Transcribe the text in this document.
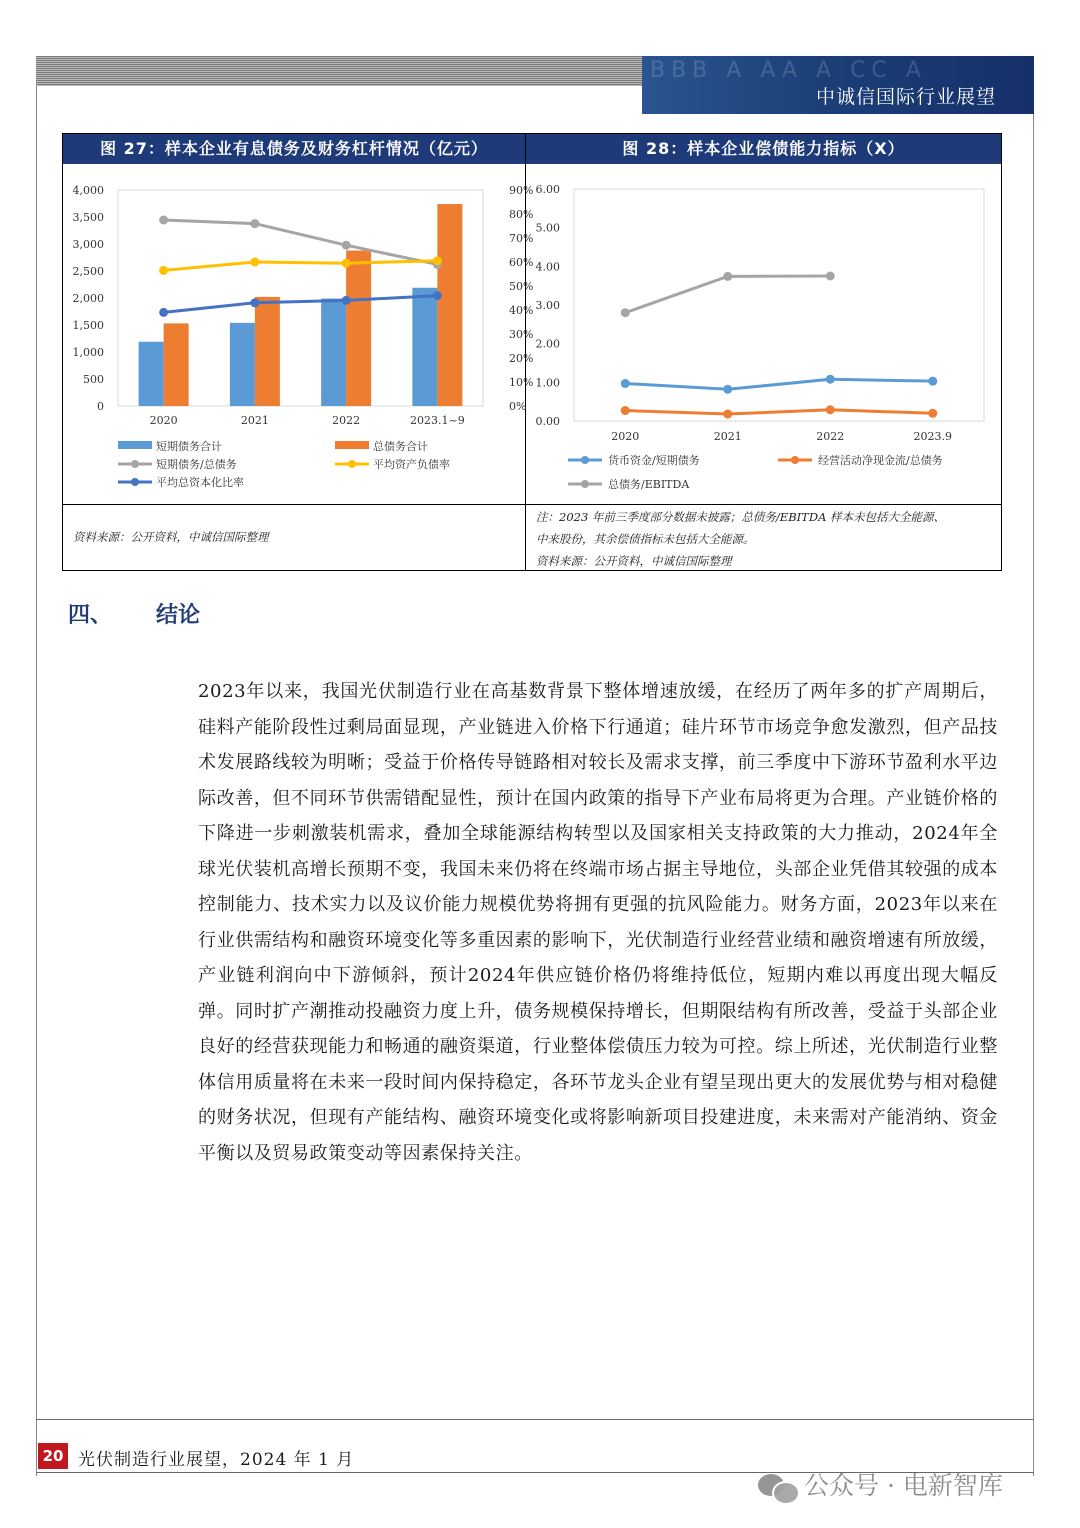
BBB A AA A CC A
中诚信国际行业展望
图 27：样本企业有息债务及财务杠杆情况（亿元）	图 28：样本企业偿债能力指标（X）
4,000
3,500
3,000
2,500
2,000
1,500
1,000
500
0
90%
80%
70%
60%
50%
40%
30%
20%
10%
0%
2020	2021	2022	2023.1~9
短期债务合计	总债务合计
短期债务/总债务	平均资产负债率
平均总资本化比率
6.00
5.00
4.00
3.00
2.00
1.00
0.00
2020	2021	2022	2023.9
货币资金/短期债务	经营活动净现金流/总债务
总债务/EBITDA
资料来源：公开资料，中诚信国际整理
注：2023 年前三季度部分数据未披露；总债务/EBITDA 样本未包括大全能源、
中来股份，其余偿债指标未包括大全能源。
资料来源：公开资料，中诚信国际整理
四、 结论
2023年以来，我国光伏制造行业在高基数背景下整体增速放缓，在经历了两年多的扩产周期后，硅料产能阶段性过剩局面显现，产业链进入价格下行通道；硅片环节市场竞争愈发激烈，但产品技术发展路线较为明晰；受益于价格传导链路相对较长及需求支撑，前三季度中下游环节盈利水平边际改善，但不同环节供需错配显性，预计在国内政策的指导下产业布局将更为合理。产业链价格的下降进一步刺激装机需求，叠加全球能源结构转型以及国家相关支持政策的大力推动，2024年全球光伏装机高增长预期不变，我国未来仍将在终端市场占据主导地位，头部企业凭借其较强的成本控制能力、技术实力以及议价能力规模优势将拥有更强的抗风险能力。财务方面，2023年以来在行业供需结构和融资环境变化等多重因素的影响下，光伏制造行业经营业绩和融资增速有所放缓，产业链利润向中下游倾斜，预计2024年供应链价格仍将维持低位，短期内难以再度出现大幅反弹。同时扩产潮推动投融资力度上升，债务规模保持增长，但期限结构有所改善，受益于头部企业良好的经营获现能力和畅通的融资渠道，行业整体偿债压力较为可控。综上所述，光伏制造行业整体信用质量将在未来一段时间内保持稳定，各环节龙头企业有望呈现出更大的发展优势与相对稳健的财务状况，但现有产能结构、融资环境变化或将影响新项目投建进度，未来需对产能消纳、资金平衡以及贸易政策变动等因素保持关注。
20 光伏制造行业展望，2024 年 1 月
公众号 · 电新智库
